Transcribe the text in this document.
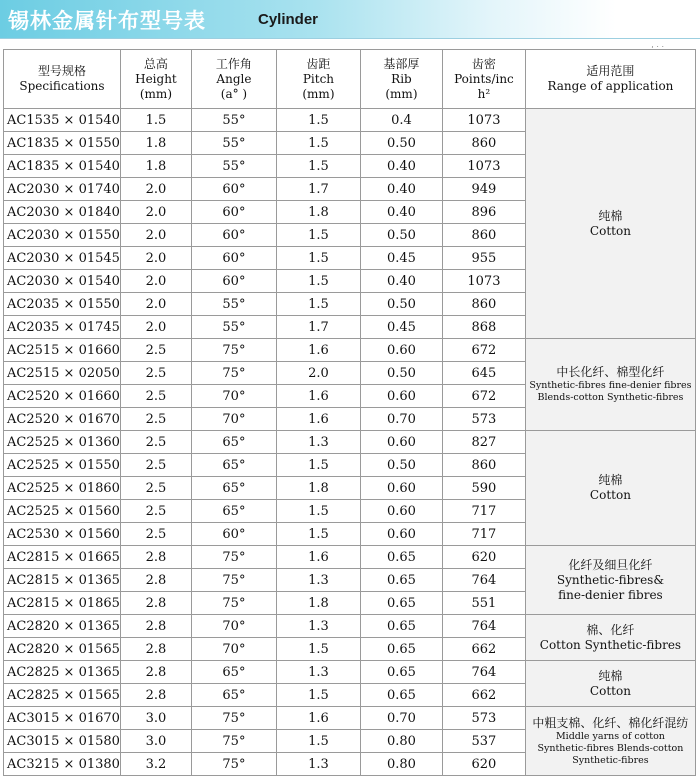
锡林金属针布型号表	Cylinder
, . .
型号规格
Specifications	总高
Height
(mm)	工作角
Angle
(a° )	齿距
Pitch
(mm)	基部厚
Rib
(mm)	齿密
Points/inc
h²	适用范围
Range of application

AC1535 × 01540	1.5	55°	1.5	0.4	1073	纯棉
Cotton

AC1835 × 01550	1.8	55°	1.5	0.50	860	
AC1835 × 01540	1.8	55°	1.5	0.40	1073	
AC2030 × 01740	2.0	60°	1.7	0.40	949	
AC2030 × 01840	2.0	60°	1.8	0.40	896	
AC2030 × 01550	2.0	60°	1.5	0.50	860	
AC2030 × 01545	2.0	60°	1.5	0.45	955	
AC2030 × 01540	2.0	60°	1.5	0.40	1073	
AC2035 × 01550	2.0	55°	1.5	0.50	860	
AC2035 × 01745	2.0	55°	1.7	0.45	868	
AC2515 × 01660	2.5	75°	1.6	0.60	672	中长化纤、棉型化纤
Synthetic-fibres fine-denier fibres
Blends-cotton Synthetic-fibres

AC2515 × 02050	2.5	75°	2.0	0.50	645	
AC2520 × 01660	2.5	70°	1.6	0.60	672	
AC2520 × 01670	2.5	70°	1.6	0.70	573	
AC2525 × 01360	2.5	65°	1.3	0.60	827	纯棉
Cotton

AC2525 × 01550	2.5	65°	1.5	0.50	860	
AC2525 × 01860	2.5	65°	1.8	0.60	590	
AC2525 × 01560	2.5	65°	1.5	0.60	717	
AC2530 × 01560	2.5	60°	1.5	0.60	717	
AC2815 × 01665	2.8	75°	1.6	0.65	620	化纤及细旦化纤
Synthetic-fibres&
fine-denier fibres

AC2815 × 01365	2.8	75°	1.3	0.65	764	
AC2815 × 01865	2.8	75°	1.8	0.65	551	
AC2820 × 01365	2.8	70°	1.3	0.65	764	棉、化纤
Cotton Synthetic-fibres

AC2820 × 01565	2.8	70°	1.5	0.65	662	
AC2825 × 01365	2.8	65°	1.3	0.65	764	纯棉
Cotton

AC2825 × 01565	2.8	65°	1.5	0.65	662	
AC3015 × 01670	3.0	75°	1.6	0.70	573	中粗支棉、化纤、棉化纤混纺
Middle yarns of cotton
Synthetic-fibres Blends-cotton
Synthetic-fibres

AC3015 × 01580	3.0	75°	1.5	0.80	537	
AC3215 × 01380	3.2	75°	1.3	0.80	620	
